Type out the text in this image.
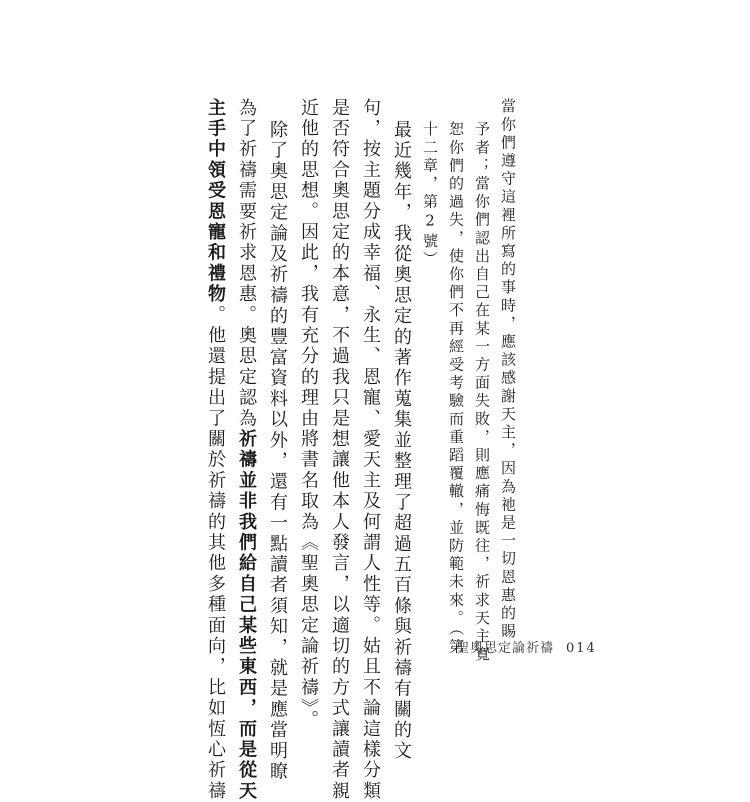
當你們遵守這裡所寫的事時，應該感謝天主，因為祂是一切恩惠的賜
予者；當你們認出自己在某一方面失敗，則應痛悔既往，祈求天主寬
恕你們的過失，使你們不再經受考驗而重蹈覆轍，並防範未來。（第
十二章，第2號）
最近幾年，我從奧思定的著作蒐集並整理了超過五百條與祈禱有關的文
句，按主題分成幸福、永生、恩寵、愛天主及何謂人性等。姑且不論這樣分類
是否符合奧思定的本意，不過我只是想讓他本人發言，以適切的方式讓讀者親
近他的思想。因此，我有充分的理由將書名取為《聖奧思定論祈禱》。
除了奧思定論及祈禱的豐富資料以外，還有一點讀者須知，就是應當明瞭
為了祈禱需要祈求恩惠。奧思定認為祈禱並非我們給自己某些東西，而是從天
主手中領受恩寵和禮物。他還提出了關於祈禱的其他多種面向，比如恆心祈禱	聖奧思定論祈禱 014
